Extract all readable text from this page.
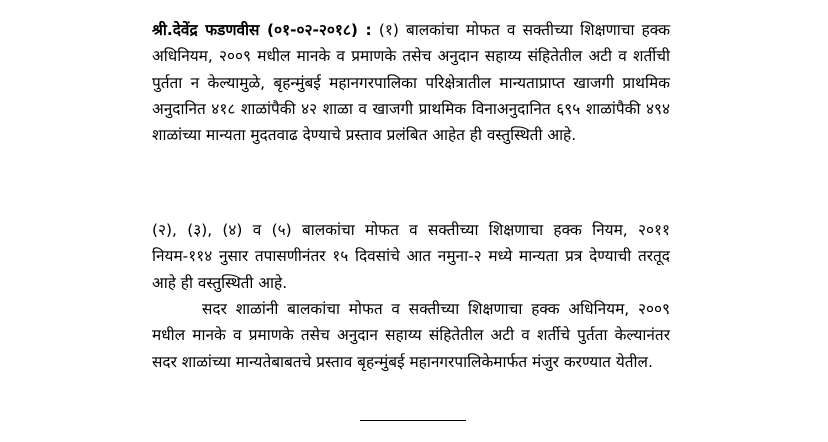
श्री.देवेंद्र फडणवीस (०१-०२-२०१८) : (१) बालकांचा मोफत व सक्तीच्या शिक्षणाचा हक्क अधिनियम, २००९ मधील मानके व प्रमाणके तसेच अनुदान सहाय्य संहितेतील अटी व शर्तीची पुर्तता न केल्यामुळे, बृहन्मुंबई महानगरपालिका परिक्षेत्रातील मान्यताप्राप्त खाजगी प्राथमिक अनुदानित ४१८ शाळांपैकी ४२ शाळा व खाजगी प्राथमिक विनाअनुदानित ६९५ शाळांपैकी ४९४ शाळांच्या मान्यता मुदतवाढ देण्याचे प्रस्ताव प्रलंबित आहेत ही वस्तुस्थिती आहे.

(२), (३), (४) व (५) बालकांचा मोफत व सक्तीच्या शिक्षणाचा हक्क नियम, २०११ नियम-११४ नुसार तपासणीनंतर १५ दिवसांचे आत नमुना-२ मध्ये मान्यता प्रत्र देण्याची तरतूद आहे ही वस्तुस्थिती आहे.

सदर शाळांनी बालकांचा मोफत व सक्तीच्या शिक्षणाचा हक्क अधिनियम, २००९ मधील मानके व प्रमाणके तसेच अनुदान सहाय्य संहितेतील अटी व शर्तीचे पुर्तता केल्यानंतर सदर शाळांच्या मान्यतेबाबतचे प्रस्ताव बृहन्मुंबई महानगरपालिकेमार्फत मंजुर करण्यात येतील.
